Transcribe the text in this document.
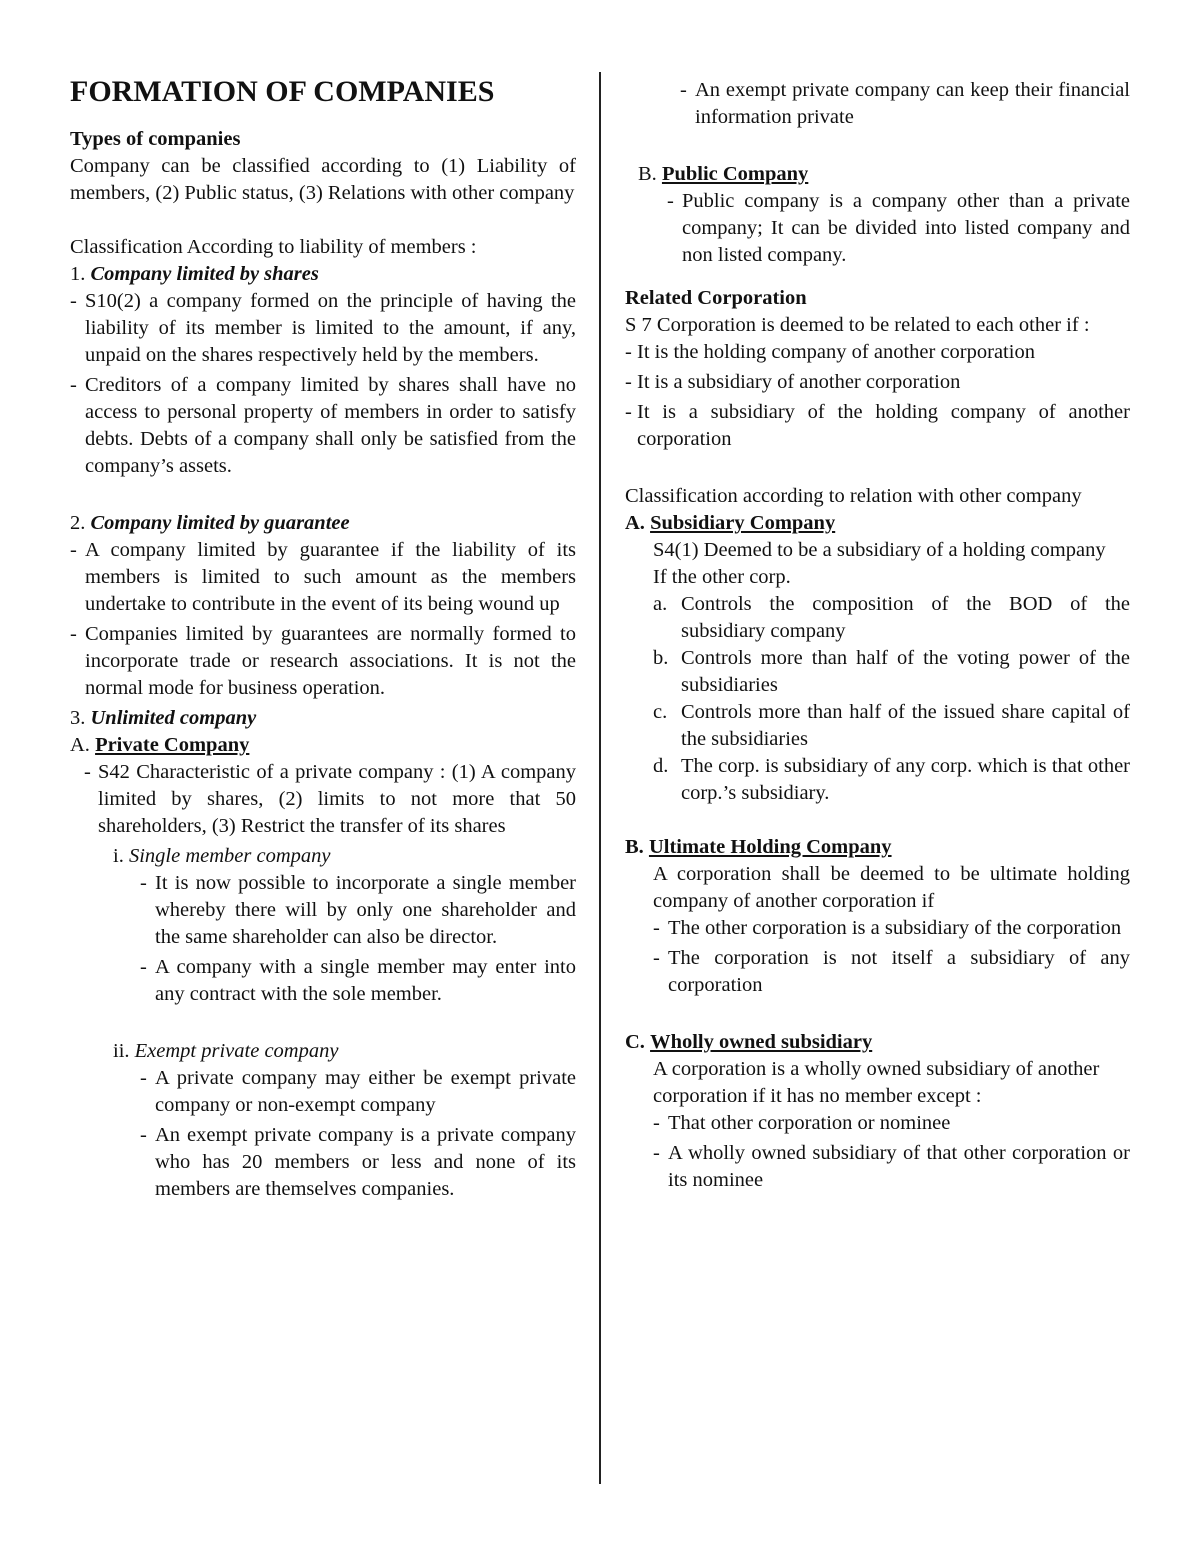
FORMATION OF COMPANIES

Types of companies

Company can be classified according to (1) Liability of members, (2) Public status, (3) Relations with other company

Classification According to liability of members :

1. Company limited by shares

- S10(2) a company formed on the principle of having the liability of its member is limited to the amount, if any, unpaid on the shares respectively held by the members.
- Creditors of a company limited by shares shall have no access to personal property of members in order to satisfy debts. Debts of a company shall only be satisfied from the company’s assets.

2. Company limited by guarantee

- A company limited by guarantee if the liability of its members is limited to such amount as the members undertake to contribute in the event of its being wound up
- Companies limited by guarantees are normally formed to incorporate trade or research associations. It is not the normal mode for business operation.

3. Unlimited company

A. Private Company

- S42 Characteristic of a private company : (1) A company limited by shares, (2) limits to not more that 50 shareholders, (3) Restrict the transfer of its shares

i. Single member company

- It is now possible to incorporate a single member whereby there will by only one shareholder and the same shareholder can also be director.
- A company with a single member may enter into any contract with the sole member.

ii. Exempt private company

- A private company may either be exempt private company or non-exempt company
- An exempt private company is a private company who has 20 members or less and none of its members are themselves companies.
- An exempt private company can keep their financial information private

B. Public Company

- Public company is a company other than a private company; It can be divided into listed company and non listed company.

Related Corporation

S 7 Corporation is deemed to be related to each other if :

- It is the holding company of another corporation
- It is a subsidiary of another corporation
- It is a subsidiary of the holding company of another corporation

Classification according to relation with other company

A. Subsidiary Company

S4(1) Deemed to be a subsidiary of a holding company

If the other corp.

a. Controls the composition of the BOD of the subsidiary company
b. Controls more than half of the voting power of the subsidiaries
c. Controls more than half of the issued share capital of the subsidiaries
d. The corp. is subsidiary of any corp. which is that other corp.’s subsidiary.

B. Ultimate Holding Company

A corporation shall be deemed to be ultimate holding company of another corporation if

- The other corporation is a subsidiary of the corporation
- The corporation is not itself a subsidiary of any corporation

C. Wholly owned subsidiary

A corporation is a wholly owned subsidiary of another corporation if it has no member except :

- That other corporation or nominee
- A wholly owned subsidiary of that other corporation or its nominee
